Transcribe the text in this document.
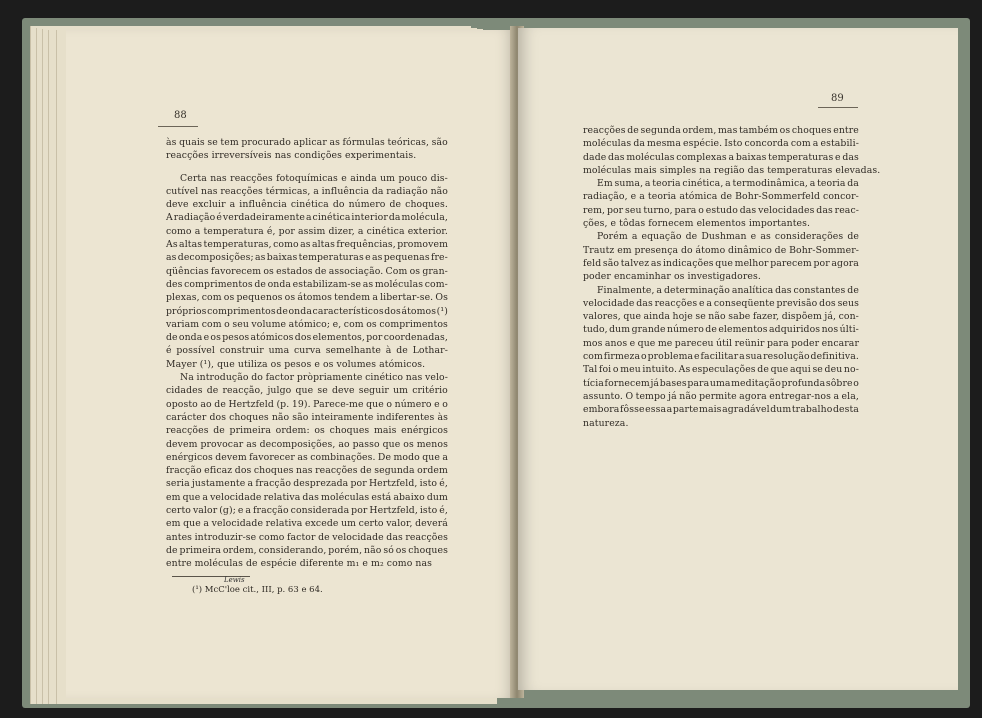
88
às quais se tem procurado aplicar as fórmulas teóricas, são
reacções irreversíveis nas condições experimentais.
Certa nas reacções fotoquímicas e ainda um pouco dis-
cutível nas reacções térmicas, a influência da radiação não
deve excluir a influência cinética do número de choques.
A radiação é verdadeiramente a cinética interior da molécula,
como a temperatura é, por assim dizer, a cinética exterior.
As altas temperaturas, como as altas frequências, promovem
as decomposições; as baixas temperaturas e as pequenas fre-
qüências favorecem os estados de associação. Com os gran-
des comprimentos de onda estabilizam-se as moléculas com-
plexas, com os pequenos os átomos tendem a libertar-se. Os
próprios comprimentos de onda característicos dos átomos (¹)
variam com o seu volume atómico; e, com os comprimentos
de onda e os pesos atómicos dos elementos, por coordenadas,
é possível construir uma curva semelhante à de Lothar-
Mayer (¹), que utiliza os pesos e os volumes atómicos.
Na introdução do factor pròpriamente cinético nas velo-
cidades de reacção, julgo que se deve seguir um critério
oposto ao de Hertzfeld (p. 19). Parece-me que o número e o
carácter dos choques não são inteiramente indiferentes às
reacções de primeira ordem: os choques mais enérgicos
devem provocar as decomposições, ao passo que os menos
enérgicos devem favorecer as combinações. De modo que a
fracção eficaz dos choques nas reacções de segunda ordem
seria justamente a fracção desprezada por Hertzfeld, isto é,
em que a velocidade relativa das moléculas está abaixo dum
certo valor (g); e a fracção considerada por Hertzfeld, isto é,
em que a velocidade relativa excede um certo valor, deverá
antes introduzir-se como factor de velocidade das reacções
de primeira ordem, considerando, porém, não só os choques
entre moléculas de espécie diferente m₁ e m₂ como nas
Lewis
(¹) McC'loe cit., III, p. 63 e 64.
89
reacções de segunda ordem, mas também os choques entre
moléculas da mesma espécie. Isto concorda com a estabili-
dade das moléculas complexas a baixas temperaturas e das
moléculas mais simples na região das temperaturas elevadas.
Em suma, a teoria cinética, a termodinâmica, a teoria da
radiação, e a teoria atómica de Bohr-Sommerfeld concor-
rem, por seu turno, para o estudo das velocidades das reac-
ções, e tôdas fornecem elementos importantes.
Porém a equação de Dushman e as considerações de
Trautz em presença do átomo dinâmico de Bohr-Sommer-
feld são talvez as indicações que melhor parecem por agora
poder encaminhar os investigadores.
Finalmente, a determinação analítica das constantes de
velocidade das reacções e a conseqüente previsão dos seus
valores, que ainda hoje se não sabe fazer, dispõem já, con-
tudo, dum grande número de elementos adquiridos nos últi-
mos anos e que me pareceu útil reünir para poder encarar
com firmeza o problema e facilitar a sua resolução definitiva.
Tal foi o meu intuito. As especulações de que aqui se deu no-
tícia fornecem já bases para uma meditação profunda sôbre o
assunto. O tempo já não permite agora entregar-nos a ela,
embora fôsse essa a parte mais agradável dum trabalho desta
natureza.
